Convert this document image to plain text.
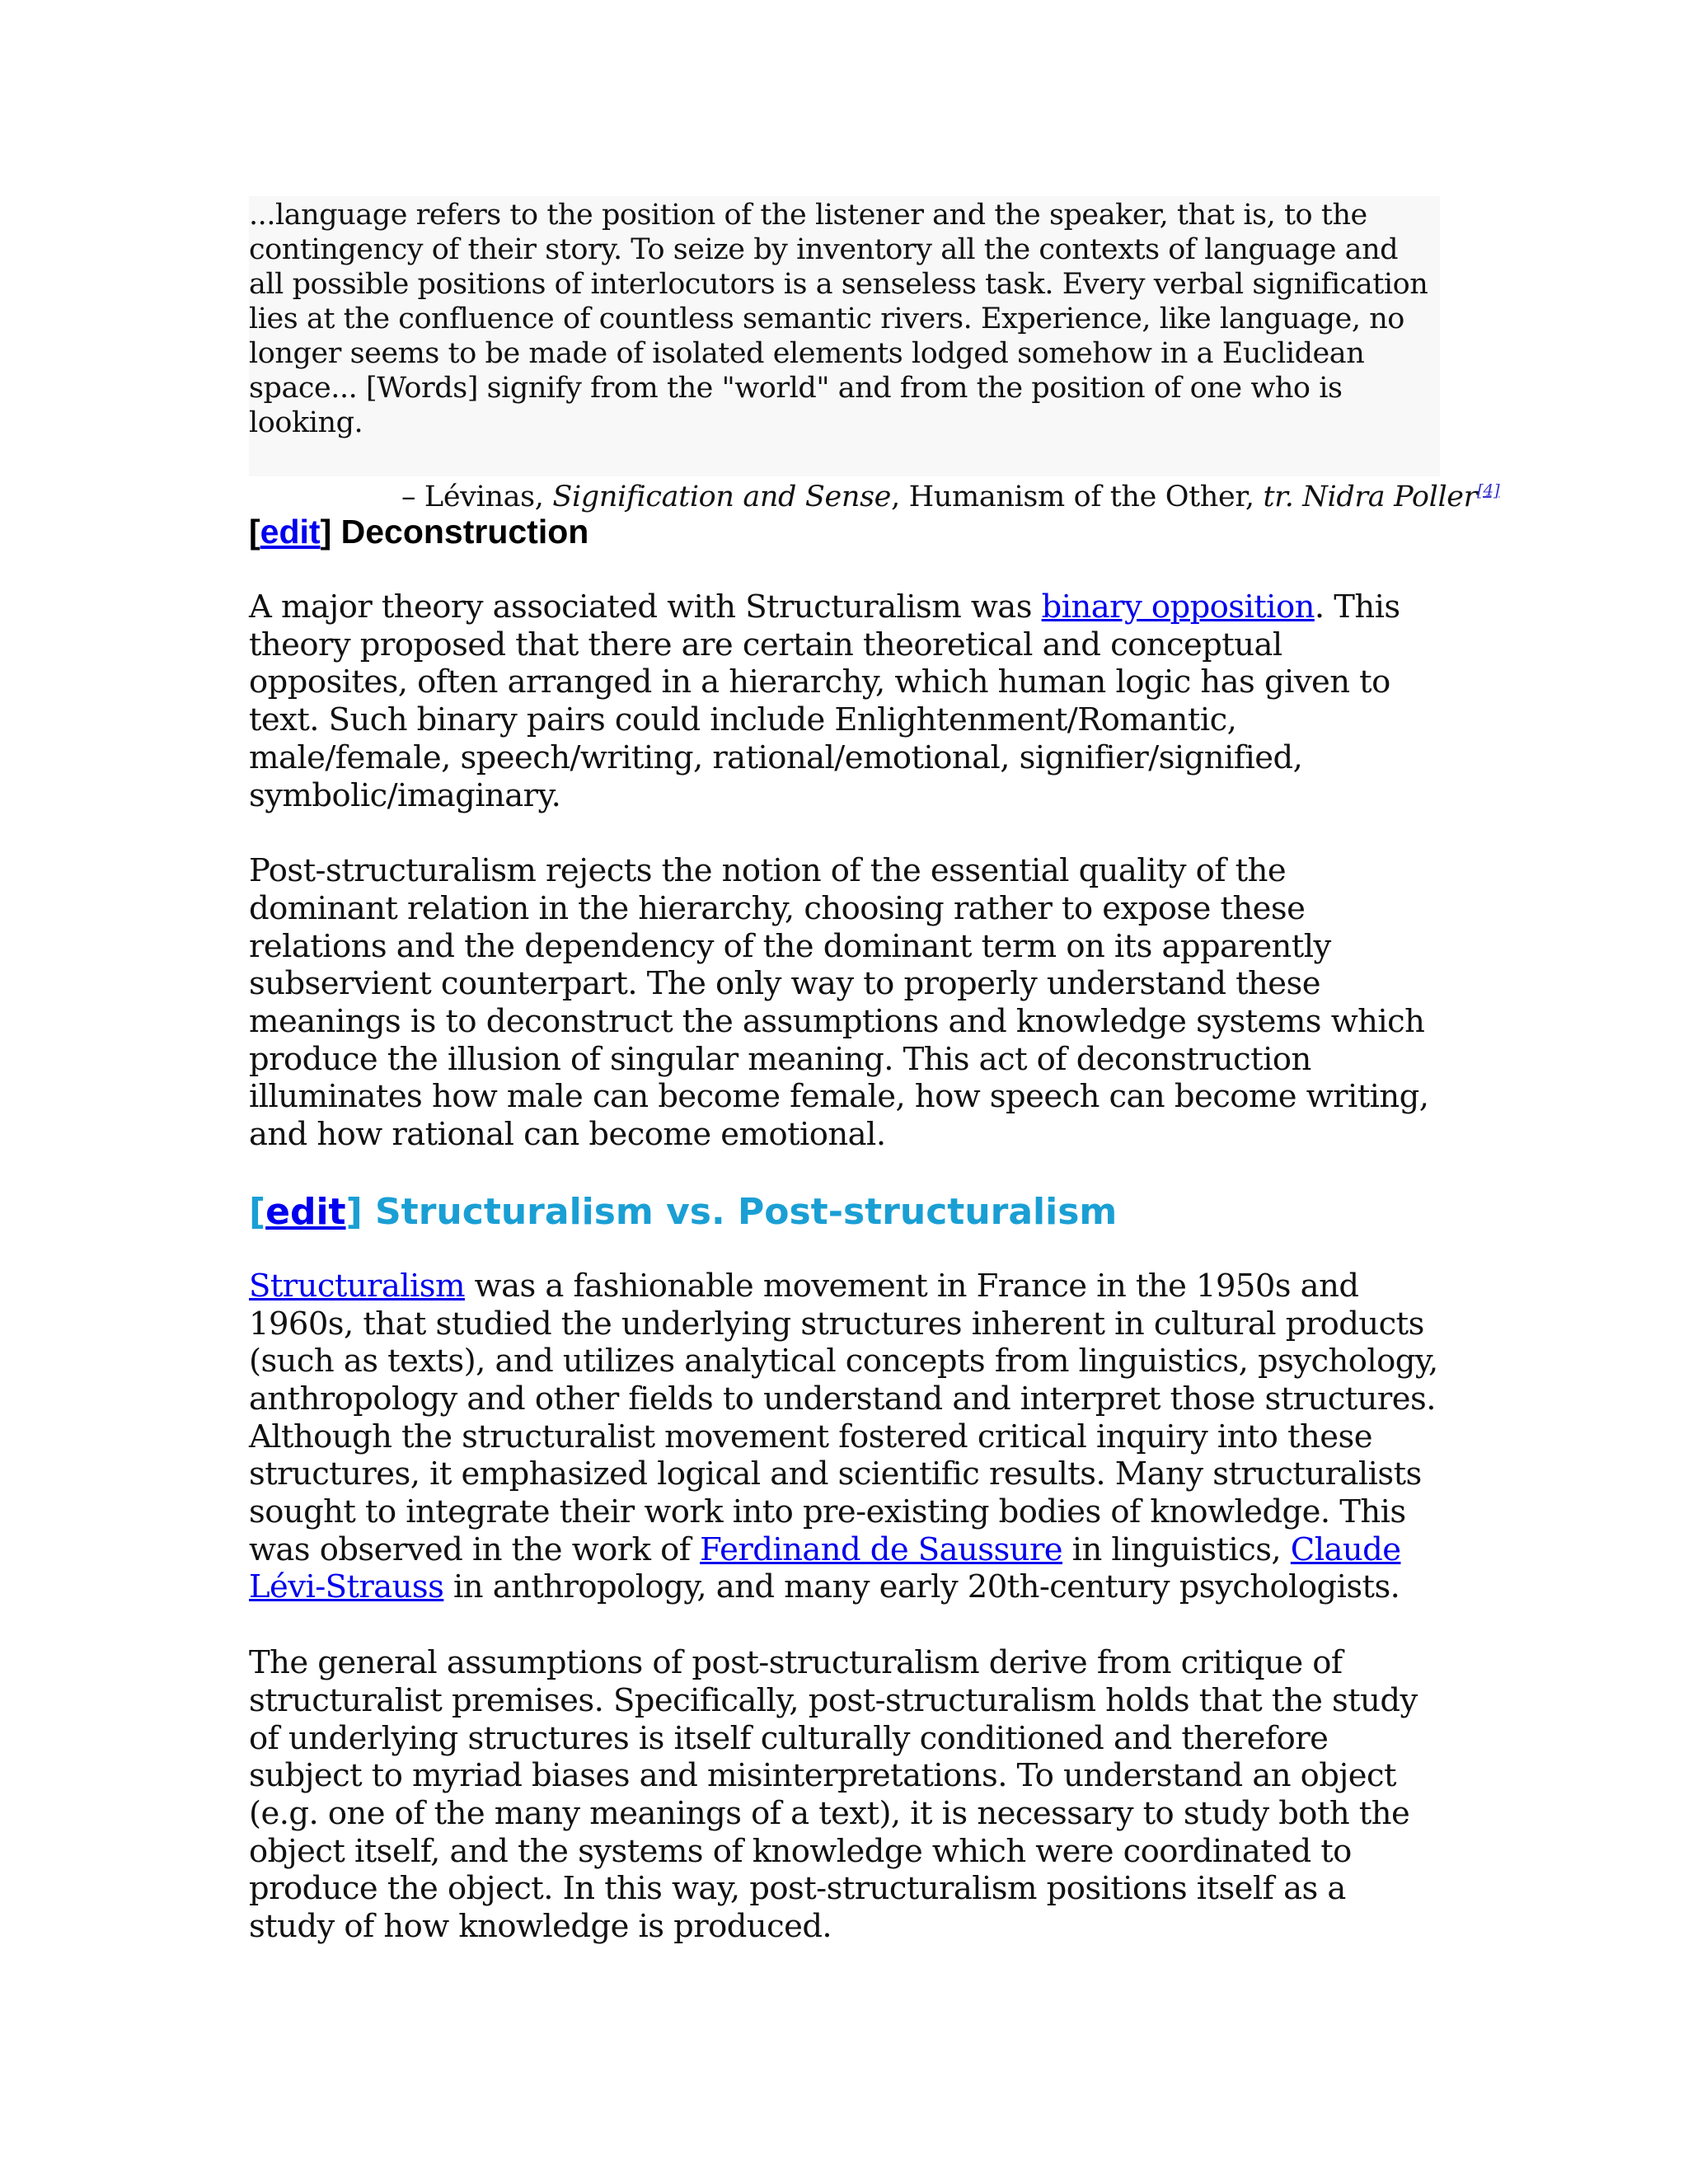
...language refers to the position of the listener and the speaker, that is, to the contingency of their story. To seize by inventory all the contexts of language and all possible positions of interlocutors is a senseless task. Every verbal signification lies at the confluence of countless semantic rivers. Experience, like language, no longer seems to be made of isolated elements lodged somehow in a Euclidean space... [Words] signify from the "world" and from the position of one who is looking.

– Lévinas, Signification and Sense, Humanism of the Other, tr. Nidra Poller[4]

[edit] Deconstruction

A major theory associated with Structuralism was binary opposition. This theory proposed that there are certain theoretical and conceptual opposites, often arranged in a hierarchy, which human logic has given to text. Such binary pairs could include Enlightenment/Romantic, male/female, speech/writing, rational/emotional, signifier/signified, symbolic/imaginary.

Post-structuralism rejects the notion of the essential quality of the dominant relation in the hierarchy, choosing rather to expose these relations and the dependency of the dominant term on its apparently subservient counterpart. The only way to properly understand these meanings is to deconstruct the assumptions and knowledge systems which produce the illusion of singular meaning. This act of deconstruction illuminates how male can become female, how speech can become writing, and how rational can become emotional.

[edit] Structuralism vs. Post-structuralism

Structuralism was a fashionable movement in France in the 1950s and 1960s, that studied the underlying structures inherent in cultural products (such as texts), and utilizes analytical concepts from linguistics, psychology, anthropology and other fields to understand and interpret those structures. Although the structuralist movement fostered critical inquiry into these structures, it emphasized logical and scientific results. Many structuralists sought to integrate their work into pre-existing bodies of knowledge. This was observed in the work of Ferdinand de Saussure in linguistics, Claude Lévi-Strauss in anthropology, and many early 20th-century psychologists.

The general assumptions of post-structuralism derive from critique of structuralist premises. Specifically, post-structuralism holds that the study of underlying structures is itself culturally conditioned and therefore subject to myriad biases and misinterpretations. To understand an object (e.g. one of the many meanings of a text), it is necessary to study both the object itself, and the systems of knowledge which were coordinated to produce the object. In this way, post-structuralism positions itself as a study of how knowledge is produced.
